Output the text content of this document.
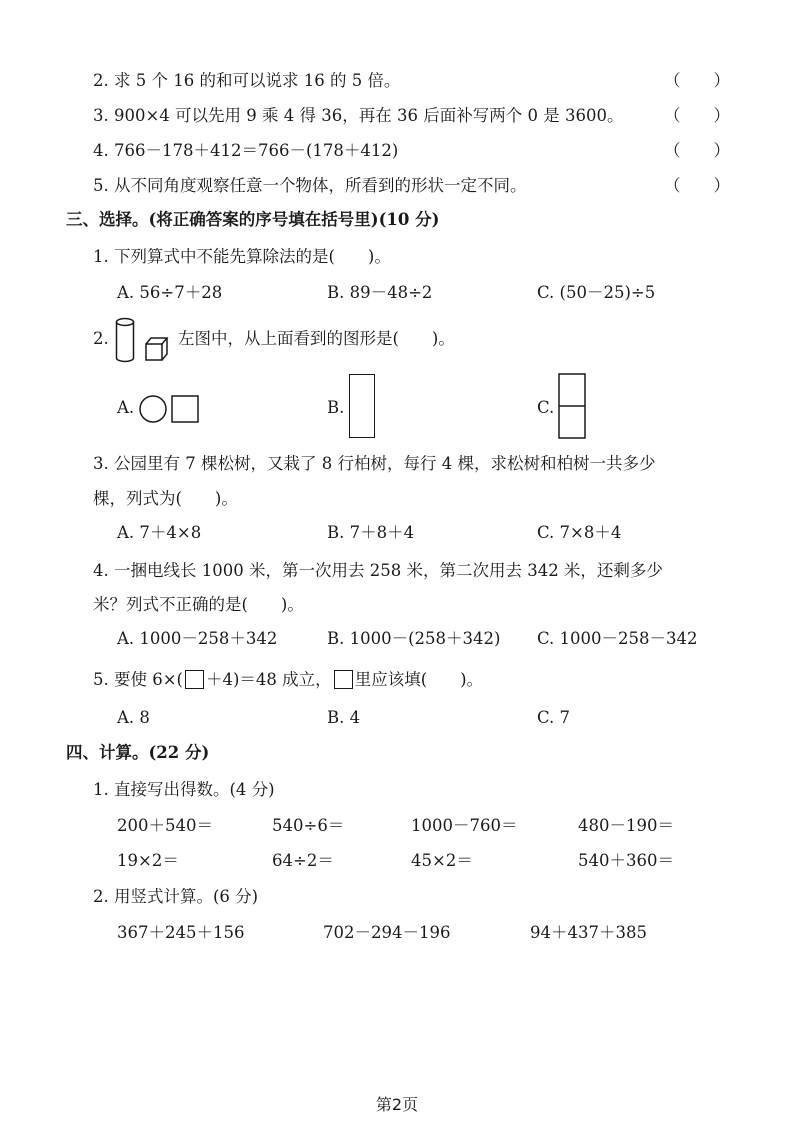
2. 求 5 个 16 的和可以说求 16 的 5 倍。	（　　）
3. 900×4 可以先用 9 乘 4 得 36，再在 36 后面补写两个 0 是 3600。 （　　）
4. 766－178＋412＝766－(178＋412)	（　　）
5. 从不同角度观察任意一个物体，所看到的形状一定不同。	（　　）
三、选择。(将正确答案的序号填在括号里)(10 分)
1. 下列算式中不能先算除法的是(　　)。
A. 56÷7＋28	B. 89－48÷2	C. (50－25)÷5
2.	左图中，从上面看到的图形是(　　)。
A.	B.	C.
3. 公园里有 7 棵松树，又栽了 8 行柏树，每行 4 棵，求松树和柏树一共多少
棵，列式为(　　)。
A. 7＋4×8	B. 7＋8＋4	C. 7×8＋4
4. 一捆电线长 1000 米，第一次用去 258 米，第二次用去 342 米，还剩多少
米？列式不正确的是(　　)。
A. 1000－258＋342	B. 1000－(258＋342) C. 1000－258－342
5. 要使 6×( ＋4)＝48 成立， 里应该填(　　)。
A. 8	B. 4	C. 7
四、计算。(22 分)
1. 直接写出得数。(4 分)
200＋540＝	540÷6＝	1000－760＝	480－190＝
19×2＝	64÷2＝	45×2＝	540＋360＝
2. 用竖式计算。(6 分)
367＋245＋156	702－294－196	94＋437＋385
第2页
